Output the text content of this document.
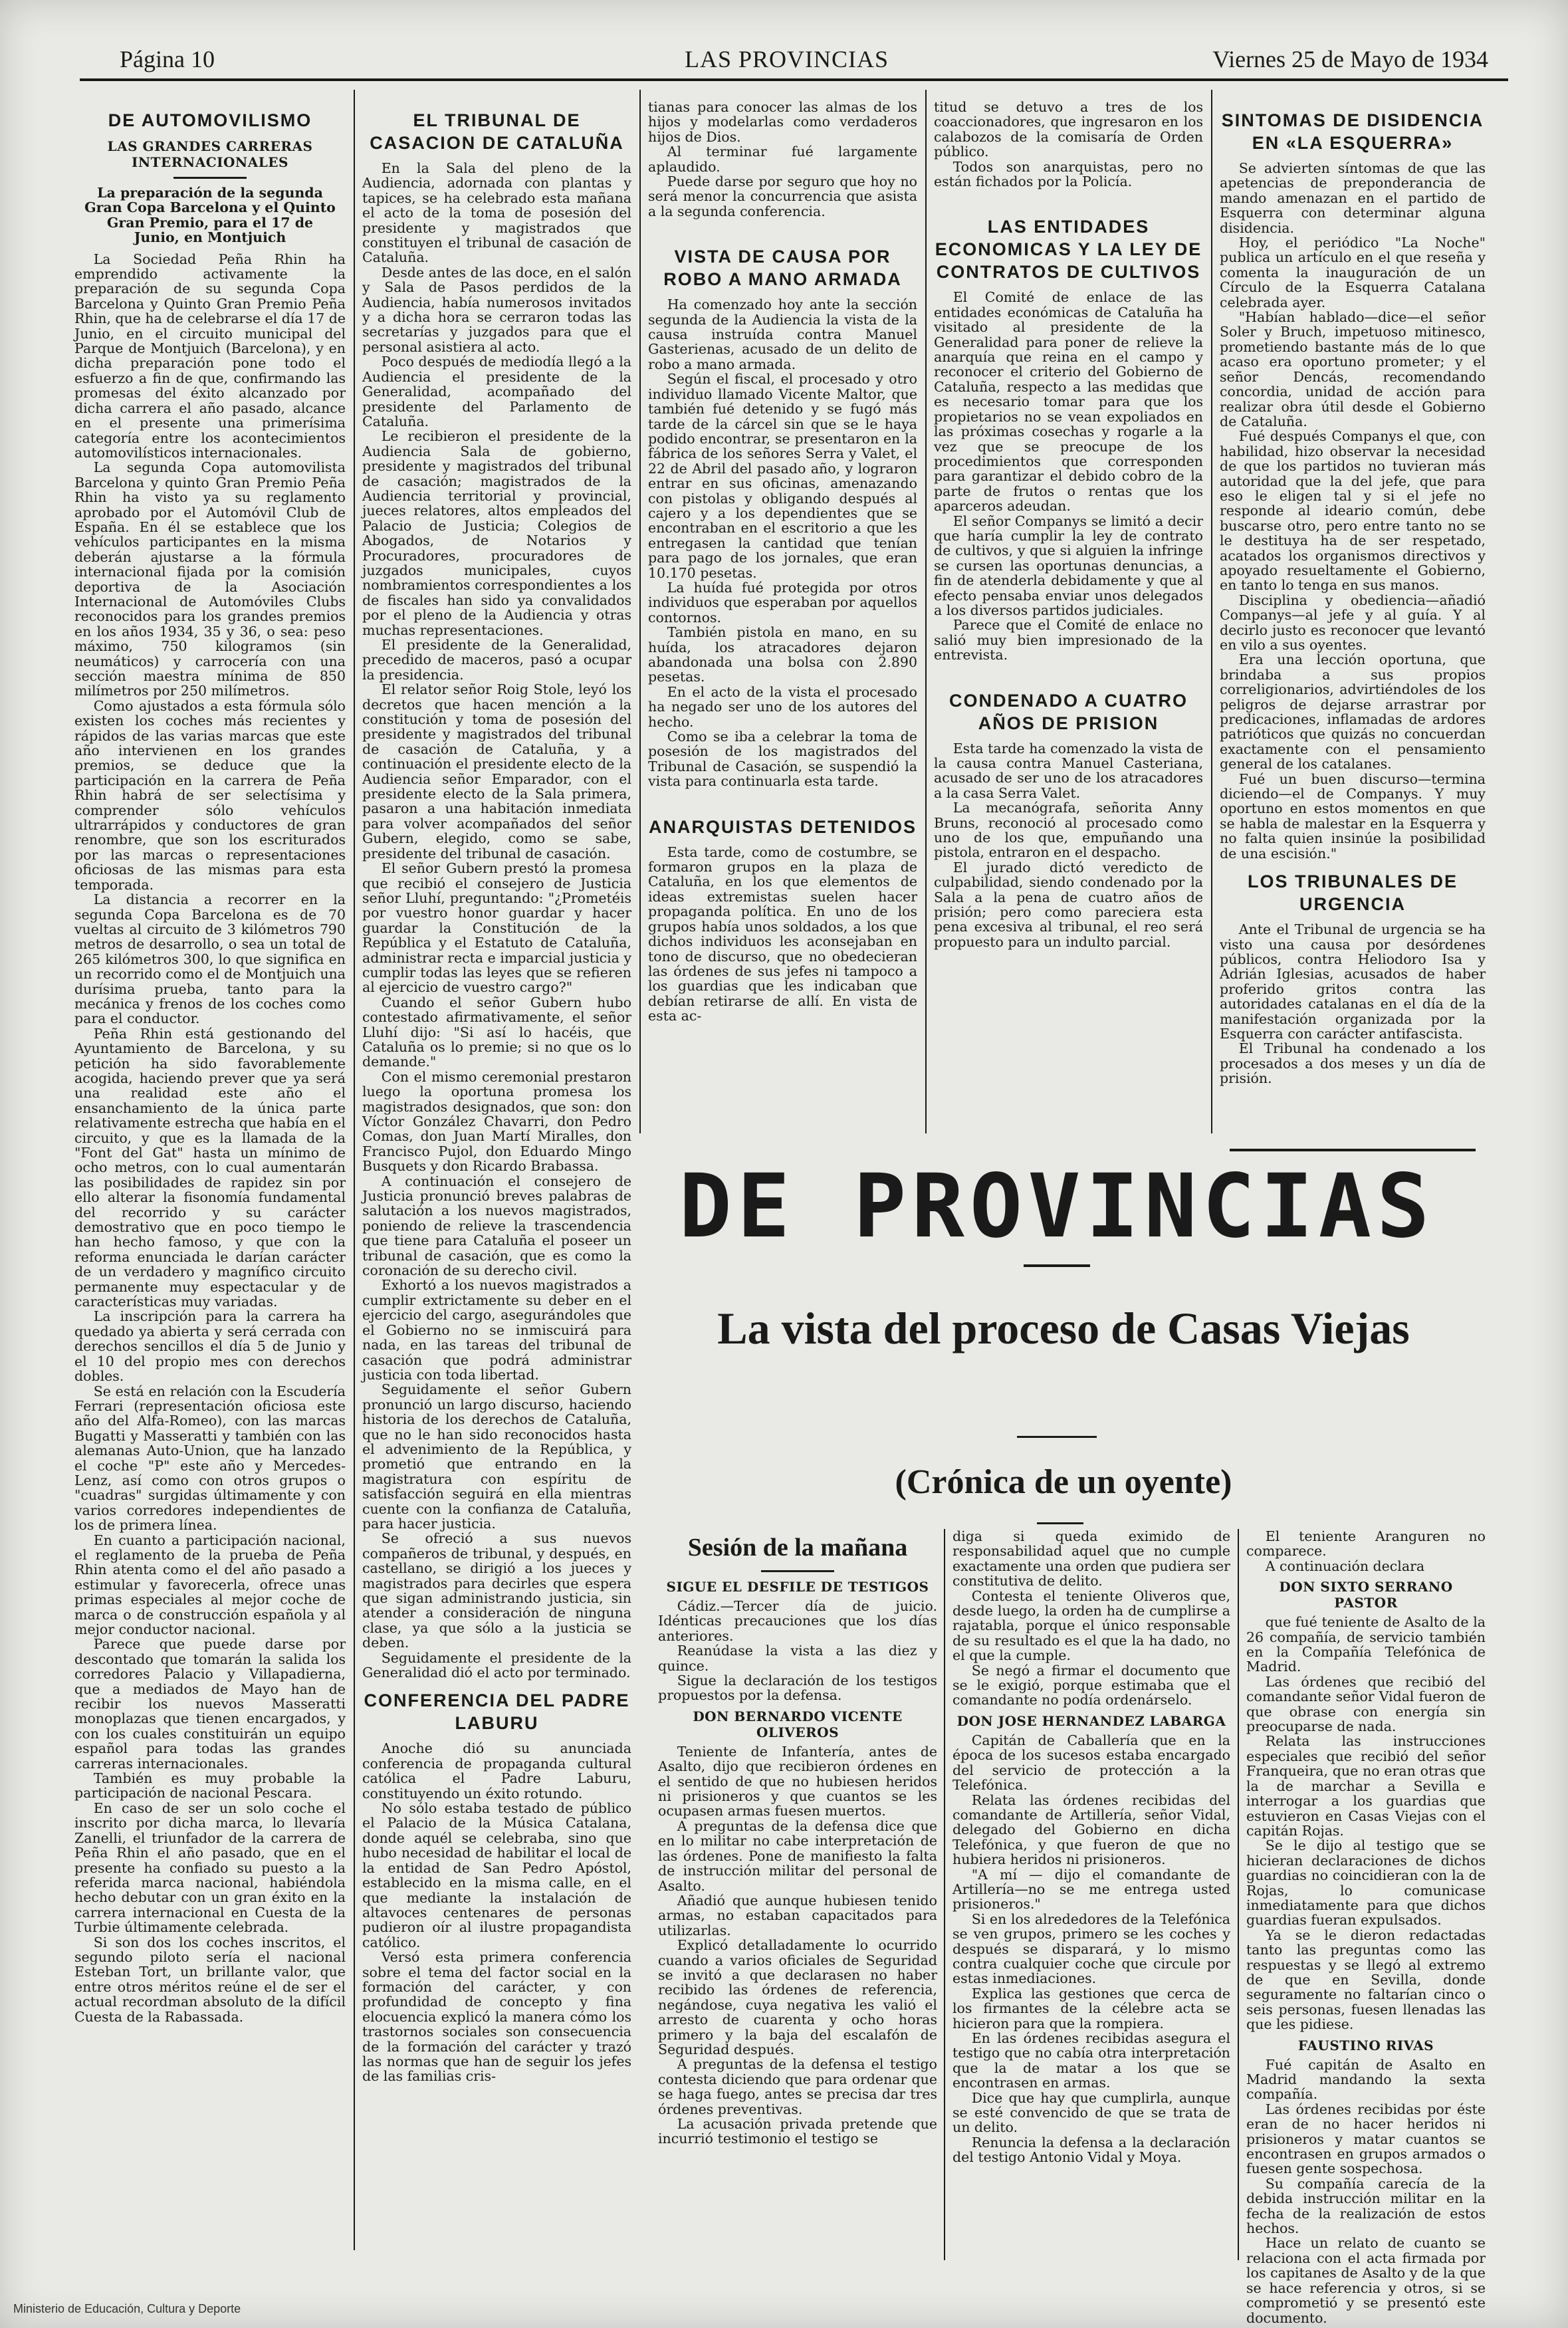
Página 10	LAS PROVINCIAS	Viernes 25 de Mayo de 1934
DE AUTOMOVILISMO
LAS GRANDES CARRERAS INTERNACIONALES

La preparación de la segunda Gran Copa Barcelona y el Quinto Gran Premio, para el 17 de Junio, en Montjuich

La Sociedad Peña Rhin ha emprendido activamente la preparación de su segunda Copa Barcelona y Quinto Gran Premio Peña Rhin, que ha de celebrarse el día 17 de Junio, en el circuito municipal del Parque de Montjuich (Barcelona), y en dicha preparación pone todo el esfuerzo a fin de que, confirmando las promesas del éxito alcanzado por dicha carrera el año pasado, alcance en el presente una primerísima categoría entre los acontecimientos automovilísticos internacionales.

La segunda Copa automovilista Barcelona y quinto Gran Premio Peña Rhin ha visto ya su reglamento aprobado por el Automóvil Club de España. En él se establece que los vehículos participantes en la misma deberán ajustarse a la fórmula internacional fijada por la comisión deportiva de la Asociación Internacional de Automóviles Clubs reconocidos para los grandes premios en los años 1934, 35 y 36, o sea: peso máximo, 750 kilogramos (sin neumáticos) y carrocería con una sección maestra mínima de 850 milímetros por 250 milímetros.

Como ajustados a esta fórmula sólo existen los coches más recientes y rápidos de las varias marcas que este año intervienen en los grandes premios, se deduce que la participación en la carrera de Peña Rhin habrá de ser selectísima y comprender sólo vehículos ultrarrápidos y conductores de gran renombre, que son los escriturados por las marcas o representaciones oficiosas de las mismas para esta temporada.

La distancia a recorrer en la segunda Copa Barcelona es de 70 vueltas al circuito de 3 kilómetros 790 metros de desarrollo, o sea un total de 265 kilómetros 300, lo que significa en un recorrido como el de Montjuich una durísima prueba, tanto para la mecánica y frenos de los coches como para el conductor.

Peña Rhin está gestionando del Ayuntamiento de Barcelona, y su petición ha sido favorablemente acogida, haciendo prever que ya será una realidad este año el ensanchamiento de la única parte relativamente estrecha que había en el circuito, y que es la llamada de la "Font del Gat" hasta un mínimo de ocho metros, con lo cual aumentarán las posibilidades de rapidez sin por ello alterar la fisonomía fundamental del recorrido y su carácter demostrativo que en poco tiempo le han hecho famoso, y que con la reforma enunciada le darían carácter de un verdadero y magnífico circuito permanente muy espectacular y de características muy variadas.

La inscripción para la carrera ha quedado ya abierta y será cerrada con derechos sencillos el día 5 de Junio y el 10 del propio mes con derechos dobles.

Se está en relación con la Escudería Ferrari (representación oficiosa este año del Alfa-Romeo), con las marcas Bugatti y Masseratti y también con las alemanas Auto-Union, que ha lanzado el coche "P" este año y Mercedes-Lenz, así como con otros grupos o "cuadras" surgidas últimamente y con varios corredores independientes de los de primera línea.

En cuanto a participación nacional, el reglamento de la prueba de Peña Rhin atenta como el del año pasado a estimular y favorecerla, ofrece unas primas especiales al mejor coche de marca o de construcción española y al mejor conductor nacional.

Parece que puede darse por descontado que tomarán la salida los corredores Palacio y Villapadierna, que a mediados de Mayo han de recibir los nuevos Masseratti monoplazas que tienen encargados, y con los cuales constituirán un equipo español para todas las grandes carreras internacionales.

También es muy probable la participación de nacional Pescara.

En caso de ser un solo coche el inscrito por dicha marca, lo llevaría Zanelli, el triunfador de la carrera de Peña Rhin el año pasado, que en el presente ha confiado su puesto a la referida marca nacional, habiéndola hecho debutar con un gran éxito en la carrera internacional en Cuesta de la Turbie últimamente celebrada.

Si son dos los coches inscritos, el segundo piloto sería el nacional Esteban Tort, un brillante valor, que entre otros méritos reúne el de ser el actual recordman absoluto de la difícil Cuesta de la Rabassada.

EL TRIBUNAL DE CASACION DE CATALUÑA

En la Sala del pleno de la Audiencia, adornada con plantas y tapices, se ha celebrado esta mañana el acto de la toma de posesión del presidente y magistrados que constituyen el tribunal de casación de Cataluña.

Desde antes de las doce, en el salón y Sala de Pasos perdidos de la Audiencia, había numerosos invitados y a dicha hora se cerraron todas las secretarías y juzgados para que el personal asistiera al acto.

Poco después de mediodía llegó a la Audiencia el presidente de la Generalidad, acompañado del presidente del Parlamento de Cataluña.

Le recibieron el presidente de la Audiencia Sala de gobierno, presidente y magistrados del tribunal de casación; magistrados de la Audiencia territorial y provincial, jueces relatores, altos empleados del Palacio de Justicia; Colegios de Abogados, de Notarios y Procuradores, procuradores de juzgados municipales, cuyos nombramientos correspondientes a los de fiscales han sido ya convalidados por el pleno de la Audiencia y otras muchas representaciones.

El presidente de la Generalidad, precedido de maceros, pasó a ocupar la presidencia.

El relator señor Roig Stole, leyó los decretos que hacen mención a la constitución y toma de posesión del presidente y magistrados del tribunal de casación de Cataluña, y a continuación el presidente electo de la Audiencia señor Emparador, con el presidente electo de la Sala primera, pasaron a una habitación inmediata para volver acompañados del señor Gubern, elegido, como se sabe, presidente del tribunal de casación.

El señor Gubern prestó la promesa que recibió el consejero de Justicia señor Lluhí, preguntando: "¿Prometéis por vuestro honor guardar y hacer guardar la Constitución de la República y el Estatuto de Cataluña, administrar recta e imparcial justicia y cumplir todas las leyes que se refieren al ejercicio de vuestro cargo?"

Cuando el señor Gubern hubo contestado afirmativamente, el señor Lluhí dijo: "Si así lo hacéis, que Cataluña os lo premie; si no que os lo demande."

Con el mismo ceremonial prestaron luego la oportuna promesa los magistrados designados, que son: don Víctor González Chavarri, don Pedro Comas, don Juan Martí Miralles, don Francisco Pujol, don Eduardo Mingo Busquets y don Ricardo Brabassa.

A continuación el consejero de Justicia pronunció breves palabras de salutación a los nuevos magistrados, poniendo de relieve la trascendencia que tiene para Cataluña el poseer un tribunal de casación, que es como la coronación de su derecho civil.

Exhortó a los nuevos magistrados a cumplir extrictamente su deber en el ejercicio del cargo, asegurándoles que el Gobierno no se inmiscuirá para nada, en las tareas del tribunal de casación que podrá administrar justicia con toda libertad.

Seguidamente el señor Gubern pronunció un largo discurso, haciendo historia de los derechos de Cataluña, que no le han sido reconocidos hasta el advenimiento de la República, y prometió que entrando en la magistratura con espíritu de satisfacción seguirá en ella mientras cuente con la confianza de Cataluña, para hacer justicia.

Se ofreció a sus nuevos compañeros de tribunal, y después, en castellano, se dirigió a los jueces y magistrados para decirles que espera que sigan administrando justicia, sin atender a consideración de ninguna clase, ya que sólo a la justicia se deben.

Seguidamente el presidente de la Generalidad dió el acto por terminado.

CONFERENCIA DEL PADRE LABURU

Anoche dió su anunciada conferencia de propaganda cultural católica el Padre Laburu, constituyendo un éxito rotundo.

No sólo estaba testado de público el Palacio de la Música Catalana, donde aquél se celebraba, sino que hubo necesidad de habilitar el local de la entidad de San Pedro Apóstol, establecido en la misma calle, en el que mediante la instalación de altavoces centenares de personas pudieron oír al ilustre propagandista católico.

Versó esta primera conferencia sobre el tema del factor social en la formación del carácter, y con profundidad de concepto y fina elocuencia explicó la manera cómo los trastornos sociales son consecuencia de la formación del carácter y trazó las normas que han de seguir los jefes de las familias cris-

tianas para conocer las almas de los hijos y modelarlas como verdaderos hijos de Dios.

Al terminar fué largamente aplaudido.

Puede darse por seguro que hoy no será menor la concurrencia que asista a la segunda conferencia.

VISTA DE CAUSA POR ROBO A MANO ARMADA

Ha comenzado hoy ante la sección segunda de la Audiencia la vista de la causa instruída contra Manuel Gasterienas, acusado de un delito de robo a mano armada.

Según el fiscal, el procesado y otro individuo llamado Vicente Maltor, que también fué detenido y se fugó más tarde de la cárcel sin que se le haya podido encontrar, se presentaron en la fábrica de los señores Serra y Valet, el 22 de Abril del pasado año, y lograron entrar en sus oficinas, amenazando con pistolas y obligando después al cajero y a los dependientes que se encontraban en el escritorio a que les entregasen la cantidad que tenían para pago de los jornales, que eran 10.170 pesetas.

La huída fué protegida por otros individuos que esperaban por aquellos contornos.

También pistola en mano, en su huída, los atracadores dejaron abandonada una bolsa con 2.890 pesetas.

En el acto de la vista el procesado ha negado ser uno de los autores del hecho.

Como se iba a celebrar la toma de posesión de los magistrados del Tribunal de Casación, se suspendió la vista para continuarla esta tarde.

ANARQUISTAS DETENIDOS

Esta tarde, como de costumbre, se formaron grupos en la plaza de Cataluña, en los que elementos de ideas extremistas suelen hacer propaganda política. En uno de los grupos había unos soldados, a los que dichos individuos les aconsejaban en tono de discurso, que no obedecieran las órdenes de sus jefes ni tampoco a los guardias que les indicaban que debían retirarse de allí. En vista de esta ac-

titud se detuvo a tres de los coaccionadores, que ingresaron en los calabozos de la comisaría de Orden público.

Todos son anarquistas, pero no están fichados por la Policía.

LAS ENTIDADES ECONOMICAS Y LA LEY DE CONTRATOS DE CULTIVOS

El Comité de enlace de las entidades económicas de Cataluña ha visitado al presidente de la Generalidad para poner de relieve la anarquía que reina en el campo y reconocer el criterio del Gobierno de Cataluña, respecto a las medidas que es necesario tomar para que los propietarios no se vean expoliados en las próximas cosechas y rogarle a la vez que se preocupe de los procedimientos que corresponden para garantizar el debido cobro de la parte de frutos o rentas que los aparceros adeudan.

El señor Companys se limitó a decir que haría cumplir la ley de contrato de cultivos, y que si alguien la infringe se cursen las oportunas denuncias, a fin de atenderla debidamente y que al efecto pensaba enviar unos delegados a los diversos partidos judiciales.

Parece que el Comité de enlace no salió muy bien impresionado de la entrevista.

CONDENADO A CUATRO AÑOS DE PRISION

Esta tarde ha comenzado la vista de la causa contra Manuel Casteriana, acusado de ser uno de los atracadores a la casa Serra Valet.

La mecanógrafa, señorita Anny Bruns, reconoció al procesado como uno de los que, empuñando una pistola, entraron en el despacho.

El jurado dictó veredicto de culpabilidad, siendo condenado por la Sala a la pena de cuatro años de prisión; pero como pareciera esta pena excesiva al tribunal, el reo será propuesto para un indulto parcial.

SINTOMAS DE DISIDENCIA EN «LA ESQUERRA»

Se advierten síntomas de que las apetencias de preponderancia de mando amenazan en el partido de Esquerra con determinar alguna disidencia.

Hoy, el periódico "La Noche" publica un artículo en el que reseña y comenta la inauguración de un Círculo de la Esquerra Catalana celebrada ayer.

"Habían hablado—dice—el señor Soler y Bruch, impetuoso mitinesco, prometiendo bastante más de lo que acaso era oportuno prometer; y el señor Dencás, recomendando concordia, unidad de acción para realizar obra útil desde el Gobierno de Cataluña.

Fué después Companys el que, con habilidad, hizo observar la necesidad de que los partidos no tuvieran más autoridad que la del jefe, que para eso le eligen tal y si el jefe no responde al ideario común, debe buscarse otro, pero entre tanto no se le destituya ha de ser respetado, acatados los organismos directivos y apoyado resueltamente el Gobierno, en tanto lo tenga en sus manos.

Disciplina y obediencia—añadió Companys—al jefe y al guía. Y al decirlo justo es reconocer que levantó en vilo a sus oyentes.

Era una lección oportuna, que brindaba a sus propios correligionarios, advirtiéndoles de los peligros de dejarse arrastrar por predicaciones, inflamadas de ardores patrióticos que quizás no concuerdan exactamente con el pensamiento general de los catalanes.

Fué un buen discurso—termina diciendo—el de Companys. Y muy oportuno en estos momentos en que se habla de malestar en la Esquerra y no falta quien insinúe la posibilidad de una escisión."

LOS TRIBUNALES DE URGENCIA

Ante el Tribunal de urgencia se ha visto una causa por desórdenes públicos, contra Heliodoro Isa y Adrián Iglesias, acusados de haber proferido gritos contra las autoridades catalanas en el día de la manifestación organizada por la Esquerra con carácter antifascista.

El Tribunal ha condenado a los procesados a dos meses y un día de prisión.

DE PROVINCIAS
La vista del proceso de Casas Viejas
(Crónica de un oyente)
Sesión de la mañana
SIGUE EL DESFILE DE TESTIGOS

Cádiz.—Tercer día de juicio. Idénticas precauciones que los días anteriores.

Reanúdase la vista a las diez y quince.

Sigue la declaración de los testigos propuestos por la defensa.

DON BERNARDO VICENTE OLIVEROS

Teniente de Infantería, antes de Asalto, dijo que recibieron órdenes en el sentido de que no hubiesen heridos ni prisioneros y que cuantos se les ocupasen armas fuesen muertos.

A preguntas de la defensa dice que en lo militar no cabe interpretación de las órdenes. Pone de manifiesto la falta de instrucción militar del personal de Asalto.

Añadió que aunque hubiesen tenido armas, no estaban capacitados para utilizarlas.

Explicó detalladamente lo ocurrido cuando a varios oficiales de Seguridad se invitó a que declarasen no haber recibido las órdenes de referencia, negándose, cuya negativa les valió el arresto de cuarenta y ocho horas primero y la baja del escalafón de Seguridad después.

A preguntas de la defensa el testigo contesta diciendo que para ordenar que se haga fuego, antes se precisa dar tres órdenes preventivas.

La acusación privada pretende que incurrió testimonio el testigo se

diga si queda eximido de responsabilidad aquel que no cumple exactamente una orden que pudiera ser constitutiva de delito.

Contesta el teniente Oliveros que, desde luego, la orden ha de cumplirse a rajatabla, porque el único responsable de su resultado es el que la ha dado, no el que la cumple.

Se negó a firmar el documento que se le exigió, porque estimaba que el comandante no podía ordenárselo.

DON JOSE HERNANDEZ LABARGA

Capitán de Caballería que en la época de los sucesos estaba encargado del servicio de protección a la Telefónica.

Relata las órdenes recibidas del comandante de Artillería, señor Vidal, delegado del Gobierno en dicha Telefónica, y que fueron de que no hubiera heridos ni prisioneros.

"A mí — dijo el comandante de Artillería—no se me entrega usted prisioneros."

Si en los alrededores de la Telefónica se ven grupos, primero se les coches y después se disparará, y lo mismo contra cualquier coche que circule por estas inmediaciones.

Explica las gestiones que cerca de los firmantes de la célebre acta se hicieron para que la rompiera.

En las órdenes recibidas asegura el testigo que no cabía otra interpretación que la de matar a los que se encontrasen en armas.

Dice que hay que cumplirla, aunque se esté convencido de que se trata de un delito.

Renuncia la defensa a la declaración del testigo Antonio Vidal y Moya.

El teniente Aranguren no comparece.

A continuación declara

DON SIXTO SERRANO PASTOR

que fué teniente de Asalto de la 26 compañía, de servicio también en la Compañía Telefónica de Madrid.

Las órdenes que recibió del comandante señor Vidal fueron de que obrase con energía sin preocuparse de nada.

Relata las instrucciones especiales que recibió del señor Franqueira, que no eran otras que la de marchar a Sevilla e interrogar a los guardias que estuvieron en Casas Viejas con el capitán Rojas.

Se le dijo al testigo que se hicieran declaraciones de dichos guardias no coincidieran con la de Rojas, lo comunicase inmediatamente para que dichos guardias fueran expulsados.

Ya se le dieron redactadas tanto las preguntas como las respuestas y se llegó al extremo de que en Sevilla, donde seguramente no faltarían cinco o seis personas, fuesen llenadas las que les pidiese.

FAUSTINO RIVAS

Fué capitán de Asalto en Madrid mandando la sexta compañía.

Las órdenes recibidas por éste eran de no hacer heridos ni prisioneros y matar cuantos se encontrasen en grupos armados o fuesen gente sospechosa.

Su compañía carecía de la debida instrucción militar en la fecha de la realización de estos hechos.

Hace un relato de cuanto se relaciona con el acta firmada por los capitanes de Asalto y de la que se hace referencia y otros, si se comprometió y se presentó este documento.

Ministerio de Educación, Cultura y Deporte
